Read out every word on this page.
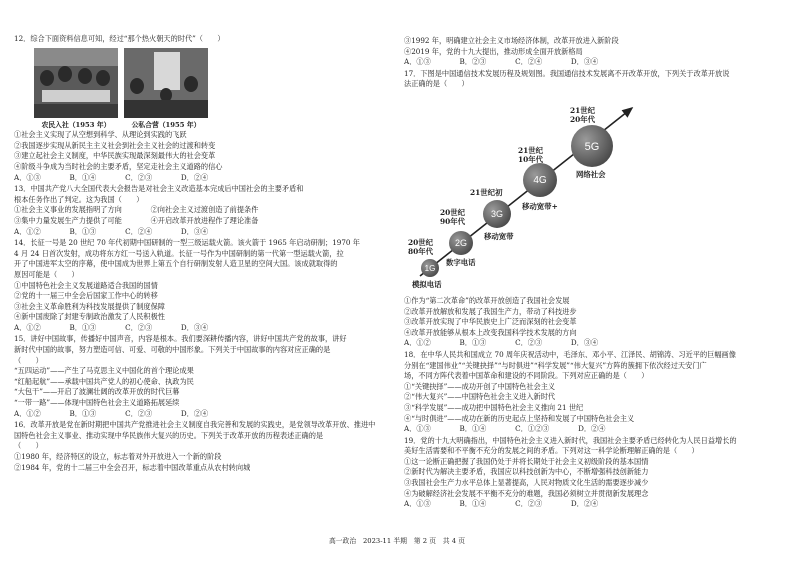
12．综合下面资料信息可知，经过“那个热火朝天的时代”（　　）

农民入社（1953 年）	公私合营（1955 年）

①社会主义实现了从空想到科学、从理论到实践的飞跃

②我国逐步实现从新民主主义社会到社会主义社会的过渡和转变

③建立起社会主义制度，中华民族实现最深刻最伟大的社会变革

④阶级斗争成为当时社会的主要矛盾，坚定走社会主义道路的信心

A．①③　　　　B．①④　　　　C．②③　　　　D．②④

13．中国共产党八大全国代表大会报告是对社会主义改造基本完成后中国社会的主要矛盾和

根本任务作出了判定。这为我国（　　）

①社会主义事业的发展指明了方向　　　　②向社会主义过渡创造了前提条件

③集中力量发展生产力提供了可能　　　　④开启改革开放进程作了理论准备

A．①②　　　　B．①③　　　　C．②④　　　　D．③④

14．长征一号是 20 世纪 70 年代初期中国研制的一型三级运载火箭。该火箭于 1965 年启动研制；1970 年

4 月 24 日首次发射，成功将东方红一号送入轨道。长征一号作为中国研制的第一代第一型运载火箭，拉

开了中国进军太空的序幕，使中国成为世界上第五个自行研制发射人造卫星的空间大国。该成就取得的

原因可能是（　　）

①中国特色社会主义发展道路适合我国的国情

②党的十一届三中全会后国家工作中心的转移

③社会主义革命胜利为科技发展提供了制度保障

④新中国废除了封建专制政治激发了人民积极性

A．①②　　　　B．①③　　　　C．②③　　　　D．③④

15．讲好中国故事，传播好中国声音，内容是根本。我们要深耕传播内容，讲好中国共产党的故事，讲好

新时代中国的故事，努力塑造可信、可爱、可敬的中国形象。下列关于中国故事的内容对应正确的是

（　　）

“五四运动”——产生了马克思主义中国化的首个理论成果

“红船起航”——承载中国共产党人的初心使命、执政为民

“大包干”——开启了波澜壮阔的改革开放的时代巨幕

“一带一路”——体现中国特色社会主义道路拓展延续

A．①②　　　　B．①③　　　　C．②③　　　　D．②④

16．改革开放是党在新时期把中国共产党推进社会主义制度自我完善和发展的实践史，是党领导改革开放、推进中

国特色社会主义事业、推动实现中华民族伟大复兴的历史。下列关于改革开放的历程表述正确的是

（　　）

①1980 年，经济特区的设立，标志着对外开放进入一个新的阶段

②1984 年，党的十二届三中全会召开，标志着中国改革重点从农村转向城

③1992 年，明确建立社会主义市场经济体制，改革开放进入新阶段

④2019 年，党的十九大提出，推动形成全面开放新格局

A．①③　　　　B．②③　　　　C．②④　　　　D．③④

17．下图是中国通信技术发展历程及规划图。我国通信技术发展离不开改革开放，下列关于改革开放说

法正确的是（　　）

1G
2G
3G
4G
5G
20世纪
80年代
20世纪
90年代
21世纪初
21世纪
10年代
21世纪
20年代
模拟电话
数字电话
移动宽带
移动宽带+
网络社会

①作为“第二次革命”的改革开放创造了我国社会发展

②改革开放解放和发展了我国生产力，带动了科技进步

③改革开放实现了中华民族史上广泛而深刻的社会变革

④改革开放能够从根本上改变我国科学技术发展的方向

A．①②　　　　B．①③　　　　C．②③　　　　D．③④

18．在中华人民共和国成立 70 周年庆祝活动中，毛泽东、邓小平、江泽民、胡锦涛、习近平的巨幅画像

分别在“建国伟业”“关键抉择”“与时俱进”“科学发展”“伟大复兴”方阵的簇拥下依次经过天安门广

场，不同方阵代表着中国革命和建设的不同阶段。下列对应正确的是（　　）

①“关键抉择”——成功开创了中国特色社会主义

②“伟大复兴”——中国特色社会主义进入新时代

③“科学发展”——成功把中国特色社会主义推向 21 世纪

④“与时俱进”——成功在新的历史起点上坚持和发展了中国特色社会主义

A．①③　　　　B．①④　　　　C．①②③　　　　D．②④

19．党的十九大明确指出，中国特色社会主义进入新时代，我国社会主要矛盾已经转化为人民日益增长的

美好生活需要和不平衡不充分的发展之间的矛盾。下列对这一科学论断理解正确的是（　　）

①这一论断正确把握了我国仍处于并将长期处于社会主义初级阶段的基本国情

②新时代为解决主要矛盾，我国应以科技创新为中心，不断增强科技创新能力

③我国社会生产力水平总体上显著提高，人民对物质文化生活的需要逐步减少

④为破解经济社会发展不平衡不充分的难题，我国必须树立并贯彻新发展理念

A．①③　　　　B．①④　　　　C．②③　　　　D．②④

高一政治　2023-11 半期　第 2 页　共 4 页
